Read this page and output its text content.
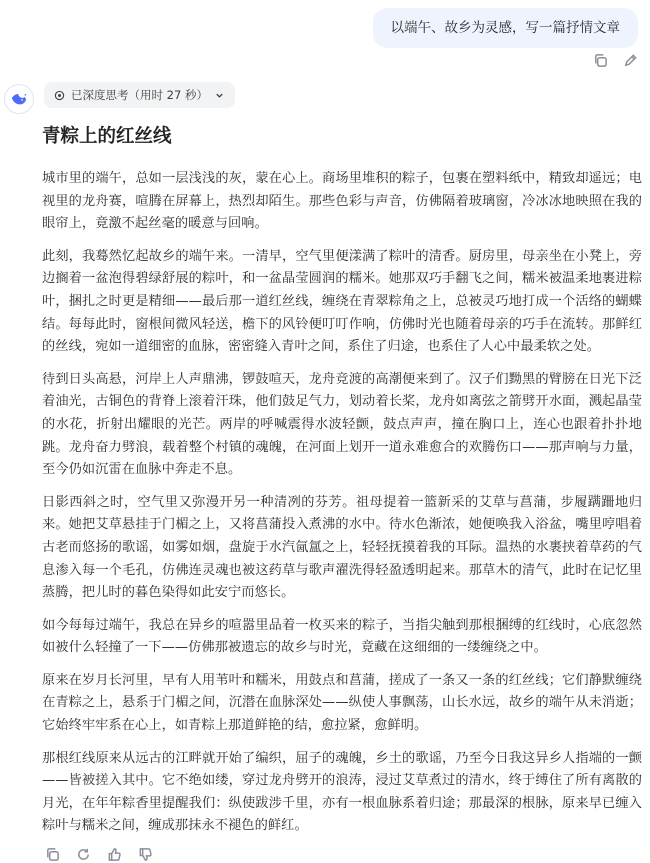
以端午、故乡为灵感，写一篇抒情文章
已深度思考（用时 27 秒）
青粽上的红丝线

城市里的端午，总如一层浅浅的灰，蒙在心上。商场里堆积的粽子，包裹在塑料纸中，精致却遥远；电视里的龙舟赛，喧腾在屏幕上，热烈却陌生。那些色彩与声音，仿佛隔着玻璃窗，冷冰冰地映照在我的眼帘上，竟激不起丝毫的暖意与回响。

此刻，我蓦然忆起故乡的端午来。一清早，空气里便漾满了粽叶的清香。厨房里，母亲坐在小凳上，旁边搁着一盆泡得碧绿舒展的粽叶，和一盆晶莹圆润的糯米。她那双巧手翻飞之间，糯米被温柔地裹进粽叶，捆扎之时更是精细——最后那一道红丝线，缠绕在青翠粽角之上，总被灵巧地打成一个活络的蝴蝶结。每每此时，窗根间微风轻送，檐下的风铃便叮叮作响，仿佛时光也随着母亲的巧手在流转。那鲜红的丝线，宛如一道细密的血脉，密密缝入青叶之间，系住了归途，也系住了人心中最柔软之处。

待到日头高悬，河岸上人声鼎沸，锣鼓喧天，龙舟竞渡的高潮便来到了。汉子们黝黑的臂膀在日光下泛着油光，古铜色的背脊上滚着汗珠，他们鼓足气力，划动着长桨，龙舟如离弦之箭劈开水面，溅起晶莹的水花，折射出耀眼的光芒。两岸的呼喊震得水波轻颤，鼓点声声，撞在胸口上，连心也跟着扑扑地跳。龙舟奋力劈浪，载着整个村镇的魂魄，在河面上划开一道永难愈合的欢腾伤口——那声响与力量，至今仍如沉雷在血脉中奔走不息。

日影西斜之时，空气里又弥漫开另一种清冽的芬芳。祖母提着一篮新采的艾草与菖蒲，步履蹒跚地归来。她把艾草悬挂于门楣之上，又将菖蒲投入煮沸的水中。待水色渐浓，她便唤我入浴盆，嘴里哼唱着古老而悠扬的歌谣，如雾如烟，盘旋于水汽氤氲之上，轻轻抚摸着我的耳际。温热的水裹挟着草药的气息渗入每一个毛孔，仿佛连灵魂也被这药草与歌声濯洗得轻盈透明起来。那草木的清气，此时在记忆里蒸腾，把儿时的暮色染得如此安宁而悠长。

如今每每过端午，我总在异乡的喧嚣里品着一枚买来的粽子，当指尖触到那根捆缚的红线时，心底忽然如被什么轻撞了一下——仿佛那被遗忘的故乡与时光，竟藏在这细细的一缕缠绕之中。

原来在岁月长河里，早有人用苇叶和糯米，用鼓点和菖蒲，搓成了一条又一条的红丝线；它们静默缠绕在青粽之上，悬系于门楣之间，沉潜在血脉深处——纵使人事飘荡，山长水远，故乡的端午从未消逝；它始终牢牢系在心上，如青粽上那道鲜艳的结，愈拉紧，愈鲜明。

那根红线原来从远古的江畔就开始了编织，屈子的魂魄，乡土的歌谣，乃至今日我这异乡人指端的一颤——皆被搓入其中。它不绝如缕，穿过龙舟劈开的浪涛，浸过艾草煮过的清水，终于缚住了所有离散的月光，在年年粽香里提醒我们：纵使跋涉千里，亦有一根血脉系着归途；那最深的根脉，原来早已缠入粽叶与糯米之间，缠成那抹永不褪色的鲜红。
